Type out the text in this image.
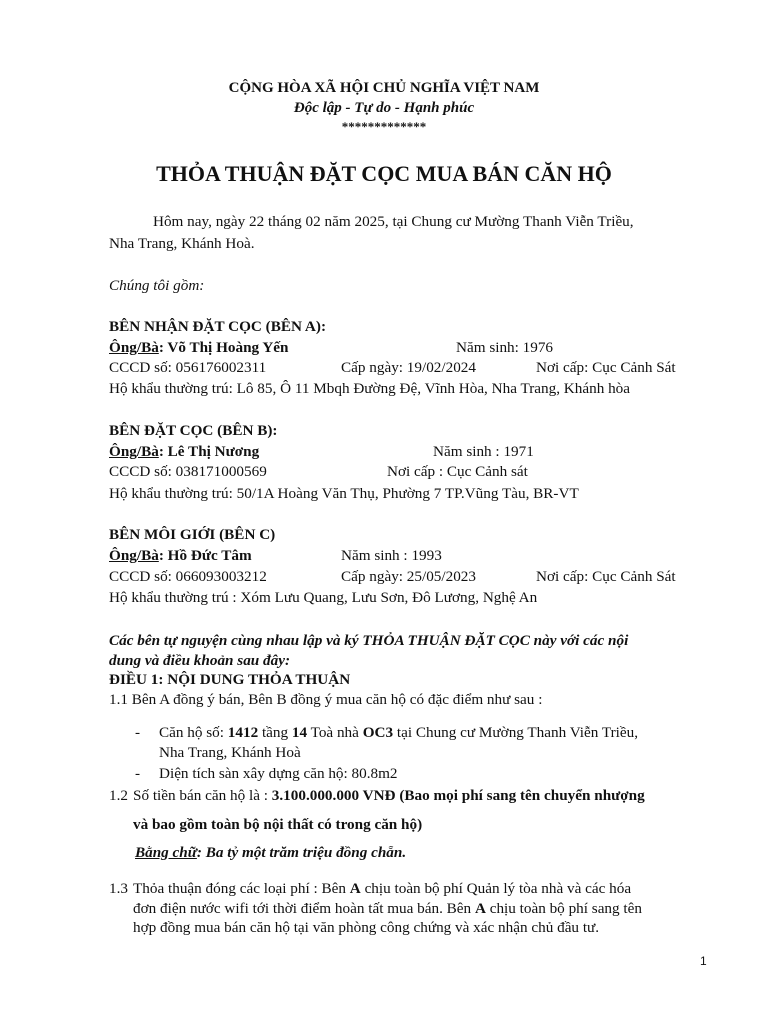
CỘNG HÒA XÃ HỘI CHỦ NGHĨA VIỆT NAM
Độc lập - Tự do - Hạnh phúc
*************
THỎA THUẬN ĐẶT CỌC MUA BÁN CĂN HỘ
Hôm nay, ngày 22 tháng 02 năm 2025, tại Chung cư Mường Thanh Viễn Triều,
Nha Trang, Khánh Hoà.
Chúng tôi gồm:
BÊN NHẬN ĐẶT CỌC (BÊN A):
Ông/Bà: Võ Thị Hoàng Yến	Năm sinh: 1976
CCCD số: 056176002311	Cấp ngày: 19/02/2024	Nơi cấp: Cục Cảnh Sát
Hộ khẩu thường trú: Lô 85, Ô 11 Mbqh Đường Đệ, Vĩnh Hòa, Nha Trang, Khánh hòa
BÊN ĐẶT CỌC (BÊN B):
Ông/Bà: Lê Thị Nương	Năm sinh : 1971
CCCD số: 038171000569	Nơi cấp : Cục Cảnh sát
Hộ khẩu thường trú: 50/1A Hoàng Văn Thụ, Phường 7 TP.Vũng Tàu, BR-VT
BÊN MÔI GIỚI (BÊN C)
Ông/Bà: Hồ Đức Tâm	Năm sinh : 1993
CCCD số: 066093003212	Cấp ngày: 25/05/2023	Nơi cấp: Cục Cảnh Sát
Hộ khẩu thường trú : Xóm Lưu Quang, Lưu Sơn, Đô Lương, Nghệ An
Các bên tự nguyện cùng nhau lập và ký THỎA THUẬN ĐẶT CỌC này với các nội
dung và điều khoản sau đây:
ĐIỀU 1: NỘI DUNG THỎA THUẬN
1.1 Bên A đồng ý bán, Bên B đồng ý mua căn hộ có đặc điểm như sau :
- Căn hộ số: 1412 tầng 14 Toà nhà OC3 tại Chung cư Mường Thanh Viễn Triều,
Nha Trang, Khánh Hoà
- Diện tích sàn xây dựng căn hộ: 80.8m2
1.2 Số tiền bán căn hộ là : 3.100.000.000 VNĐ (Bao mọi phí sang tên chuyển nhượng
và bao gồm toàn bộ nội thất có trong căn hộ)
Bằng chữ: Ba tỷ một trăm triệu đồng chẵn.
1.3 Thỏa thuận đóng các loại phí : Bên A chịu toàn bộ phí Quản lý tòa nhà và các hóa
đơn điện nước wifi tới thời điểm hoàn tất mua bán. Bên A chịu toàn bộ phí sang tên
hợp đồng mua bán căn hộ tại văn phòng công chứng và xác nhận chủ đầu tư.
1
